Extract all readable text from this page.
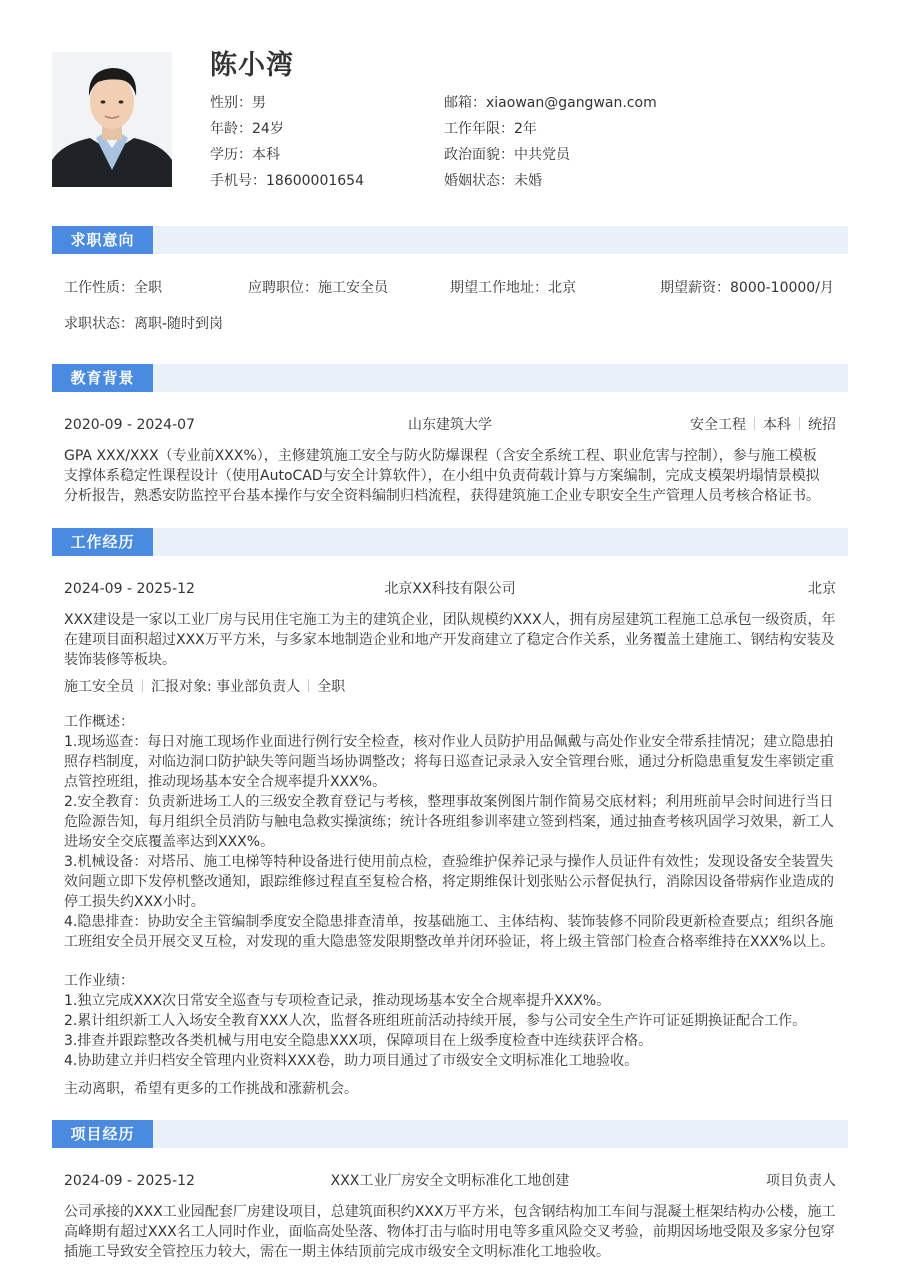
陈小湾
性别：男	邮箱：xiaowan@gangwan.com
年龄：24岁	工作年限：2年
学历：本科	政治面貌：中共党员
手机号：18600001654	婚姻状态：未婚
求职意向
工作性质：全职	应聘职位：施工安全员	期望工作地址：北京	期望薪资：8000-10000/月
求职状态：离职-随时到岗
教育背景
2020-09 - 2024-07	山东建筑大学	安全工程 本科 统招
GPA XXX/XXX（专业前XXX%），主修建筑施工安全与防火防爆课程（含安全系统工程、职业危害与控制），参与施工模板
支撑体系稳定性课程设计（使用AutoCAD与安全计算软件），在小组中负责荷载计算与方案编制，完成支模架坍塌情景模拟
分析报告，熟悉安防监控平台基本操作与安全资料编制归档流程，获得建筑施工企业专职安全生产管理人员考核合格证书。
工作经历
2024-09 - 2025-12	北京XX科技有限公司	北京
XXX建设是一家以工业厂房与民用住宅施工为主的建筑企业，团队规模约XXX人，拥有房屋建筑工程施工总承包一级资质，年
在建项目面积超过XXX万平方米，与多家本地制造企业和地产开发商建立了稳定合作关系，业务覆盖土建施工、钢结构安装及
装饰装修等板块。
施工安全员 汇报对象: 事业部负责人 全职
工作概述：
1.现场巡查：每日对施工现场作业面进行例行安全检查，核对作业人员防护用品佩戴与高处作业安全带系挂情况；建立隐患拍
照存档制度，对临边洞口防护缺失等问题当场协调整改；将每日巡查记录录入安全管理台账，通过分析隐患重复发生率锁定重
点管控班组，推动现场基本安全合规率提升XXX%。
2.安全教育：负责新进场工人的三级安全教育登记与考核，整理事故案例图片制作简易交底材料；利用班前早会时间进行当日
危险源告知，每月组织全员消防与触电急救实操演练；统计各班组参训率建立签到档案，通过抽查考核巩固学习效果，新工人
进场安全交底覆盖率达到XXX%。
3.机械设备：对塔吊、施工电梯等特种设备进行使用前点检，查验维护保养记录与操作人员证件有效性；发现设备安全装置失
效问题立即下发停机整改通知，跟踪维修过程直至复检合格，将定期维保计划张贴公示督促执行，消除因设备带病作业造成的
停工损失约XXX小时。
4.隐患排查：协助安全主管编制季度安全隐患排查清单，按基础施工、主体结构、装饰装修不同阶段更新检查要点；组织各施
工班组安全员开展交叉互检，对发现的重大隐患签发限期整改单并闭环验证，将上级主管部门检查合格率维持在XXX%以上。
工作业绩：
1.独立完成XXX次日常安全巡查与专项检查记录，推动现场基本安全合规率提升XXX%。
2.累计组织新工人入场安全教育XXX人次，监督各班组班前活动持续开展，参与公司安全生产许可证延期换证配合工作。
3.排查并跟踪整改各类机械与用电安全隐患XXX项，保障项目在上级季度检查中连续获评合格。
4.协助建立并归档安全管理内业资料XXX卷，助力项目通过了市级安全文明标准化工地验收。
主动离职，希望有更多的工作挑战和涨薪机会。
项目经历
2024-09 - 2025-12	XXX工业厂房安全文明标准化工地创建	项目负责人
公司承接的XXX工业园配套厂房建设项目，总建筑面积约XXX万平方米，包含钢结构加工车间与混凝土框架结构办公楼，施工
高峰期有超过XXX名工人同时作业，面临高处坠落、物体打击与临时用电等多重风险交叉考验，前期因场地受限及多家分包穿
插施工导致安全管控压力较大，需在一期主体结顶前完成市级安全文明标准化工地验收。
